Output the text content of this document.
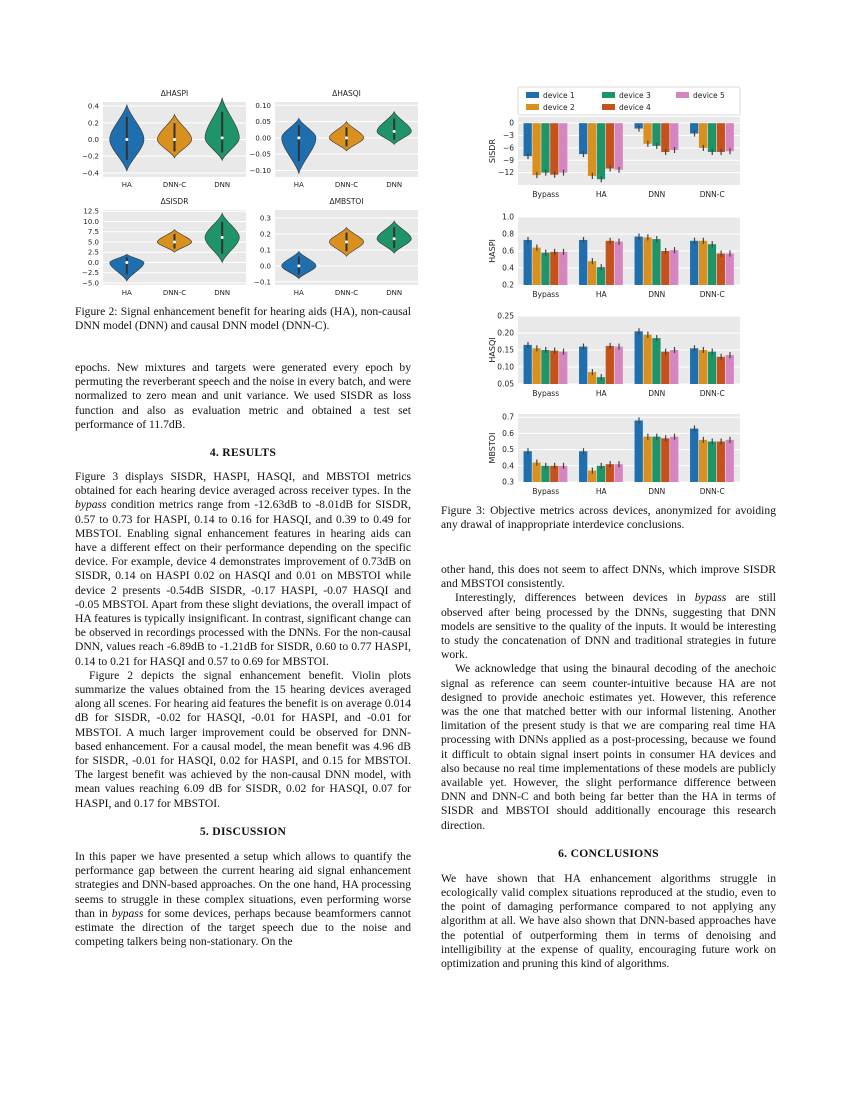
0.4
0.2
0.0
−0.2
−0.4
ΔHASPI
HA	DNN-C	DNN
0.10
0.05
0.00
−0.05
−0.10
ΔHASQI
HA	DNN-C	DNN
12.5
10.0
7.5
5.0
2.5
0.0
−2.5
−5.0
ΔSISDR
HA	DNN-C	DNN
0.3
0.2
0.1
0.0
−0.1
ΔMBSTOI
HA	DNN-C	DNN
Figure 2: Signal enhancement benefit for hearing aids (HA), non-causal DNN model (DNN) and causal DNN model (DNN-C).
device 1
device 2
device 3
device 4
device 5
0
−3
−6
−9
−12
SISDR
Bypass	HA	DNN	DNN-C
1.0
0.8
0.6
0.4
0.2
HASPI
Bypass	HA	DNN	DNN-C
0.25
0.20
0.15
0.10
0.05
HASQI
Bypass	HA	DNN	DNN-C
0.7
0.6
0.5
0.4
0.3
MBSTOI
Bypass	HA	DNN	DNN-C
Figure 3: Objective metrics across devices, anonymized for avoiding any drawal of inappropriate interdevice conclusions.

epochs. New mixtures and targets were generated every epoch by permuting the reverberant speech and the noise in every batch, and were normalized to zero mean and unit variance. We used SISDR as loss function and also as evaluation metric and obtained a test set performance of 11.7dB.

4. RESULTS

Figure 3 displays SISDR, HASPI, HASQI, and MBSTOI metrics obtained for each hearing device averaged across receiver types. In the bypass condition metrics range from -12.63dB to -8.01dB for SISDR, 0.57 to 0.73 for HASPI, 0.14 to 0.16 for HASQI, and 0.39 to 0.49 for MBSTOI. Enabling signal enhancement features in hearing aids can have a different effect on their performance depending on the specific device. For example, device 4 demonstrates improvement of 0.73dB on SISDR, 0.14 on HASPI 0.02 on HASQI and 0.01 on MBSTOI while device 2 presents -0.54dB SISDR, -0.17 HASPI, -0.07 HASQI and -0.05 MBSTOI. Apart from these slight deviations, the overall impact of HA features is typically insignificant. In contrast, significant change can be observed in recordings processed with the DNNs. For the non-causal DNN, values reach -6.89dB to -1.21dB for SISDR, 0.60 to 0.77 HASPI, 0.14 to 0.21 for HASQI and 0.57 to 0.69 for MBSTOI.

Figure 2 depicts the signal enhancement benefit. Violin plots summarize the values obtained from the 15 hearing devices averaged along all scenes. For hearing aid features the benefit is on average 0.014 dB for SISDR, -0.02 for HASQI, -0.01 for HASPI, and -0.01 for MBSTOI. A much larger improvement could be observed for DNN-based enhancement. For a causal model, the mean benefit was 4.96 dB for SISDR, -0.01 for HASQI, 0.02 for HASPI, and 0.15 for MBSTOI. The largest benefit was achieved by the non-causal DNN model, with mean values reaching 6.09 dB for SISDR, 0.02 for HASQI, 0.07 for HASPI, and 0.17 for MBSTOI.

5. DISCUSSION

In this paper we have presented a setup which allows to quantify the performance gap between the current hearing aid signal enhancement strategies and DNN-based approaches. On the one hand, HA processing seems to struggle in these complex situations, even performing worse than in bypass for some devices, perhaps because beamformers cannot estimate the direction of the target speech due to the noise and competing talkers being non-stationary. On the

other hand, this does not seem to affect DNNs, which improve SISDR and MBSTOI consistently.

Interestingly, differences between devices in bypass are still observed after being processed by the DNNs, suggesting that DNN models are sensitive to the quality of the inputs. It would be interesting to study the concatenation of DNN and traditional strategies in future work.

We acknowledge that using the binaural decoding of the anechoic signal as reference can seem counter-intuitive because HA are not designed to provide anechoic estimates yet. However, this reference was the one that matched better with our informal listening. Another limitation of the present study is that we are comparing real time HA processing with DNNs applied as a post-processing, because we found it difficult to obtain signal insert points in consumer HA devices and also because no real time implementations of these models are publicly available yet. However, the slight performance difference between DNN and DNN-C and both being far better than the HA in terms of SISDR and MBSTOI should additionally encourage this research direction.

6. CONCLUSIONS

We have shown that HA enhancement algorithms struggle in ecologically valid complex situations reproduced at the studio, even to the point of damaging performance compared to not applying any algorithm at all. We have also shown that DNN-based approaches have the potential of outperforming them in terms of denoising and intelligibility at the expense of quality, encouraging future work on optimization and pruning this kind of algorithms.
